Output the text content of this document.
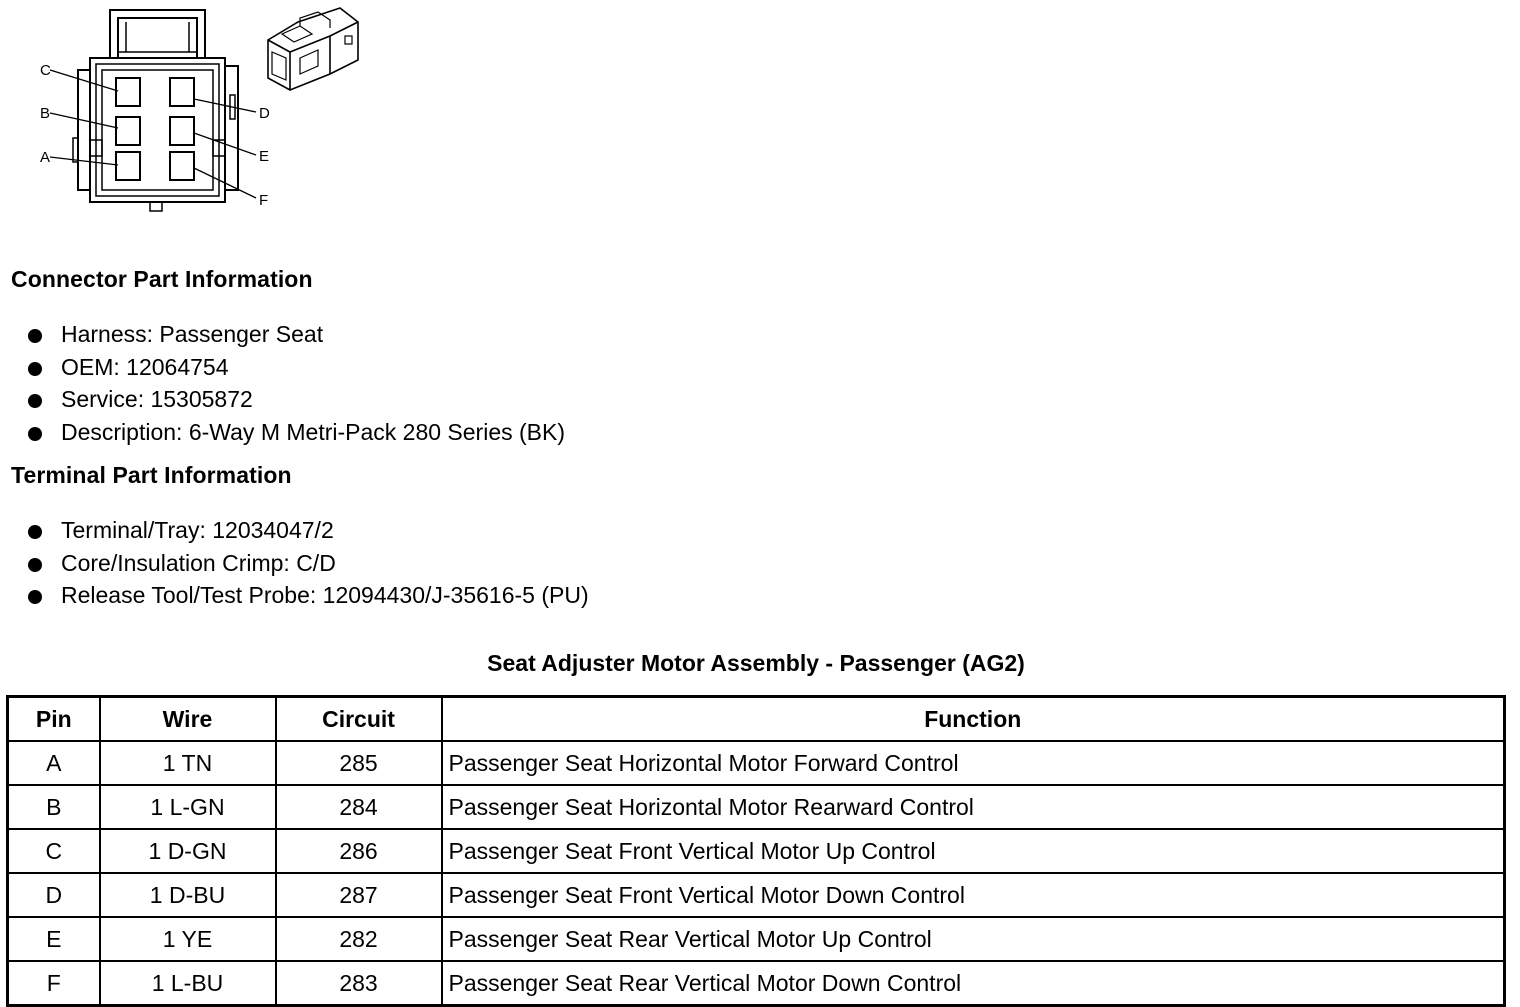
C
B
A
D
E
F
Connector Part Information
Harness: Passenger Seat
OEM: 12064754
Service: 15305872
Description: 6-Way M Metri-Pack 280 Series (BK)
Terminal Part Information
Terminal/Tray: 12034047/2
Core/Insulation Crimp: C/D
Release Tool/Test Probe: 12094430/J-35616-5 (PU)
Seat Adjuster Motor Assembly - Passenger (AG2)
Pin	Wire	Circuit	Function
A	1 TN	285	Passenger Seat Horizontal Motor Forward Control
B	1 L-GN	284	Passenger Seat Horizontal Motor Rearward Control
C	1 D-GN	286	Passenger Seat Front Vertical Motor Up Control
D	1 D-BU	287	Passenger Seat Front Vertical Motor Down Control
E	1 YE	282	Passenger Seat Rear Vertical Motor Up Control
F	1 L-BU	283	Passenger Seat Rear Vertical Motor Down Control
